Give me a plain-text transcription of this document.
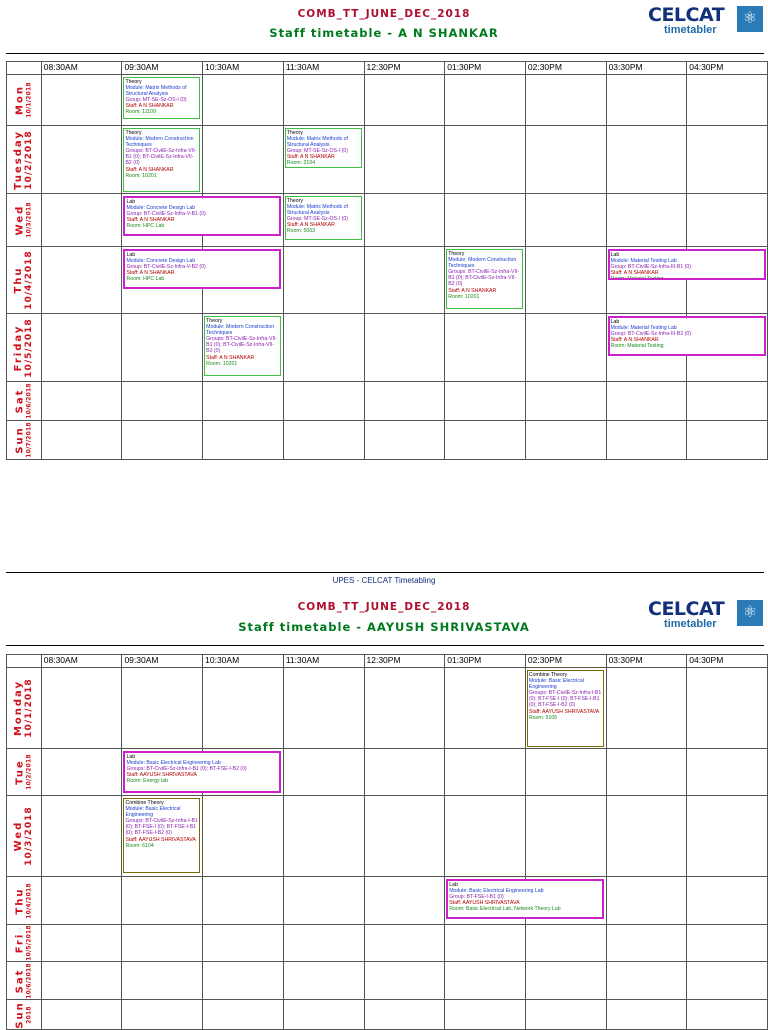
COMB_TT_JUNE_DEC_2018
Staff timetable - A N SHANKAR
CELCAT
timetabler
⚛
	08:30AM	09:30AM	10:30AM	11:30AM	12:30PM	01:30PM	02:30PM	03:30PM	04:30PM

Mon 10/1/2018		Theory
Module: Matrix Methods of Structural Analysis
Group: MT-SE-Sz-OS-I (0)
Staff: A N SHANKAR
Room: 11109							

Tuesday 10/2/2018		Theory
Module: Modern Construction Techniques
Groups: BT-CivilE-Sz-Infra-VII-B1 (0); BT-CivilE-Sz-Infra-VII-B2 (0)
Staff: A N SHANKAR
Room: 10201		Theory
Module: Matrix Methods of Structural Analysis
Group: MT-SE-Sz-OS-I (0)
Staff: A N SHANKAR
Room: 2104					

Wed 10/3/2018		Lab
Module: Concrete Design Lab
Group: BT-CivilE-Sz-Infra-V-B1 (0)
Staff: A N SHANKAR
Room: HPC Lab		Theory
Module: Matrix Methods of Structural Analysis
Group: MT-SE-Sz-OS-I (0)
Staff: A N SHANKAR
Room: 5003					

Thu 10/4/2018		Lab
Module: Concrete Design Lab
Group: BT-CivilE-Sz-Infra-V-B2 (0)
Staff: A N SHANKAR
Room: HPC Lab				Theory
Module: Modern Construction Techniques
Groups: BT-CivilE-Sz-Infra-VII-B1 (0); BT-CivilE-Sz-Infra-VII-B2 (0)
Staff: A N SHANKAR
Room: 10201		Lab
Module: Material Testing Lab
Group: BT-CivilE-Sz-Infra-III-B1 (0)
Staff: A N SHANKAR
Room: Material Testing	

Friday 10/5/2018			Theory
Module: Modern Construction Techniques
Groups: BT-CivilE-Sz-Infra-VII-B1 (0); BT-CivilE-Sz-Infra-VII-B2 (0)
Staff: A N SHANKAR
Room: 10201					Lab
Module: Material Testing Lab
Group: BT-CivilE-Sz-Infra-III-B2 (0)
Staff: A N SHANKAR
Room: Material Testing	

Sat 10/6/2018									

Sun 10/7/2018									

UPES - CELCAT Timetabling
COMB_TT_JUNE_DEC_2018
Staff timetable - AAYUSH SHRIVASTAVA
CELCAT
timetabler
⚛
	08:30AM	09:30AM	10:30AM	11:30AM	12:30PM	01:30PM	02:30PM	03:30PM	04:30PM

Monday 10/1/2018							Combine Theory
Module: Basic Electrical Engineering
Groups: BT-CivilE-Sz-Infra-I-B1 (0); BT-FSE-I (0); BT-FSE-I-B1 (0); BT-FSE-I-B2 (0)
Staff: AAYUSH SHRIVASTAVA
Room: 5105		

Tue 10/2/2018		Lab
Module: Basic Electrical Engineering Lab
Groups: BT-CivilE-Sz-Infra-I-B1 (0); BT-FSE-I-B2 (0)
Staff: AAYUSH SHRIVASTAVA
Room: Energy lab							

Wed 10/3/2018		Combine Theory
Module: Basic Electrical Engineering
Groups: BT-CivilE-Sz-Infra-I-B1 (0); BT-FSE-I (0); BT-FSE-I-B1 (0); BT-FSE-I-B2 (0)
Staff: AAYUSH SHRIVASTAVA
Room: 6104							

Thu 10/4/2018						Lab
Module: Basic Electrical Engineering Lab
Group: BT-FSE-I-B1 (0)
Staff: AAYUSH SHRIVASTAVA
Room: Basic Electrical Lab, Network Theory Lab			

Fri 10/5/2018									

Sat 10/6/2018									

Sun 2018									
